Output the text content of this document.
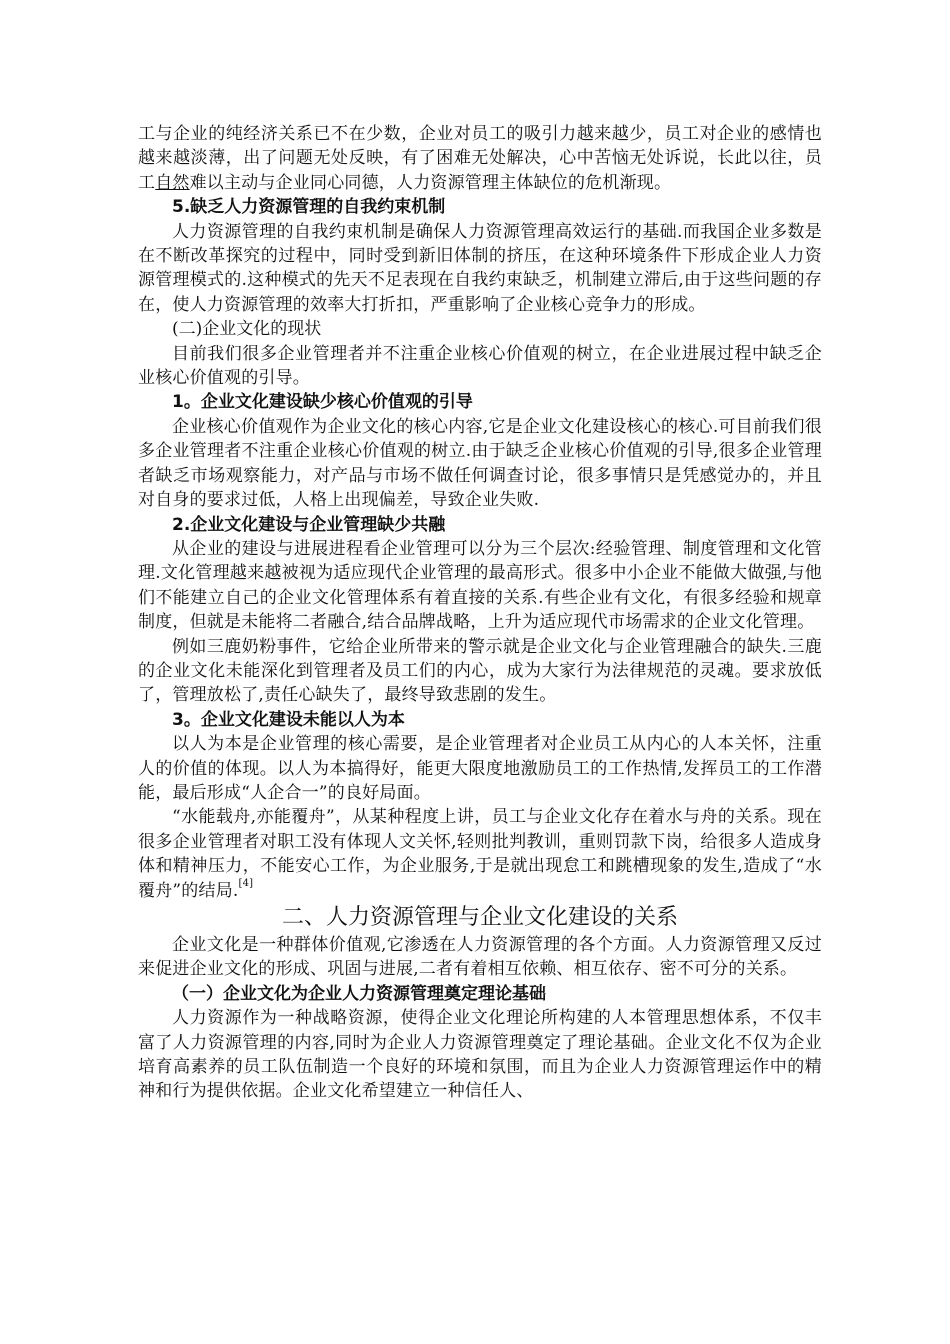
工与企业的纯经济关系已不在少数，企业对员工的吸引力越来越少，员工对企业的感情也越来越淡薄，出了问题无处反映，有了困难无处解决，心中苦恼无处诉说，长此以往，员工自然难以主动与企业同心同德，人力资源管理主体缺位的危机渐现。

5.缺乏人力资源管理的自我约束机制

人力资源管理的自我约束机制是确保人力资源管理高效运行的基础.而我国企业多数是在不断改革探究的过程中，同时受到新旧体制的挤压，在这种环境条件下形成企业人力资源管理模式的.这种模式的先天不足表现在自我约束缺乏，机制建立滞后,由于这些问题的存在，使人力资源管理的效率大打折扣，严重影响了企业核心竞争力的形成。

(二)企业文化的现状

目前我们很多企业管理者并不注重企业核心价值观的树立，在企业进展过程中缺乏企业核心价值观的引导。

1。企业文化建设缺少核心价值观的引导

企业核心价值观作为企业文化的核心内容,它是企业文化建设核心的核心.可目前我们很多企业管理者不注重企业核心价值观的树立.由于缺乏企业核心价值观的引导,很多企业管理者缺乏市场观察能力，对产品与市场不做任何调查讨论，很多事情只是凭感觉办的，并且对自身的要求过低，人格上出现偏差，导致企业失败.

2.企业文化建设与企业管理缺少共融

从企业的建设与进展进程看企业管理可以分为三个层次:经验管理、制度管理和文化管理.文化管理越来越被视为适应现代企业管理的最高形式。很多中小企业不能做大做强,与他们不能建立自己的企业文化管理体系有着直接的关系.有些企业有文化，有很多经验和规章制度，但就是未能将二者融合,结合品牌战略，上升为适应现代市场需求的企业文化管理。

例如三鹿奶粉事件，它给企业所带来的警示就是企业文化与企业管理融合的缺失.三鹿的企业文化未能深化到管理者及员工们的内心，成为大家行为法律规范的灵魂。要求放低了，管理放松了,责任心缺失了，最终导致悲剧的发生。

3。企业文化建设未能以人为本

以人为本是企业管理的核心需要，是企业管理者对企业员工从内心的人本关怀，注重人的价值的体现。以人为本搞得好，能更大限度地激励员工的工作热情,发挥员工的工作潜能，最后形成“人企合一”的良好局面。

“水能载舟,亦能覆舟”，从某种程度上讲，员工与企业文化存在着水与舟的关系。现在很多企业管理者对职工没有体现人文关怀,轻则批判教训，重则罚款下岗，给很多人造成身体和精神压力，不能安心工作，为企业服务,于是就出现怠工和跳槽现象的发生,造成了“水覆舟”的结局.[4]

二、人力资源管理与企业文化建设的关系

企业文化是一种群体价值观,它渗透在人力资源管理的各个方面。人力资源管理又反过来促进企业文化的形成、巩固与进展,二者有着相互依赖、相互依存、密不可分的关系。

（一）企业文化为企业人力资源管理奠定理论基础

人力资源作为一种战略资源，使得企业文化理论所构建的人本管理思想体系，不仅丰富了人力资源管理的内容,同时为企业人力资源管理奠定了理论基础。企业文化不仅为企业培育高素养的员工队伍制造一个良好的环境和氛围，而且为企业人力资源管理运作中的精神和行为提供依据。企业文化希望建立一种信任人、
